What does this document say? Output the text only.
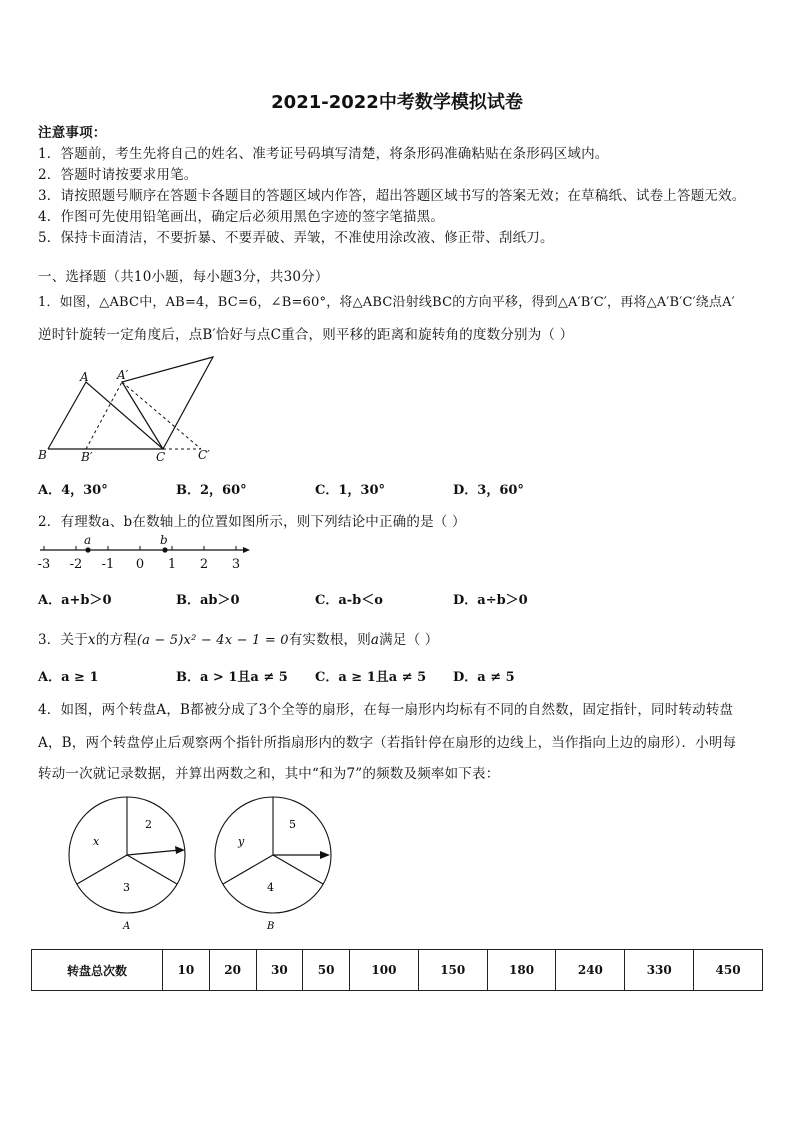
2021-2022中考数学模拟试卷
注意事项：
1．答题前，考生先将自己的姓名、准考证号码填写清楚，将条形码准确粘贴在条形码区域内。
2．答题时请按要求用笔。
3．请按照题号顺序在答题卡各题目的答题区域内作答，超出答题区域书写的答案无效；在草稿纸、试卷上答题无效。
4．作图可先使用铅笔画出，确定后必须用黑色字迹的签字笔描黑。
5．保持卡面清洁，不要折暴、不要弄破、弄皱，不准使用涂改液、修正带、刮纸刀。
一、选择题（共10小题，每小题3分，共30分）
1．如图，△ABC中，AB=4，BC=6，∠B=60°，将△ABC沿射线BC的方向平移，得到△A′B′C′，再将△A′B′C′绕点A′
逆时针旋转一定角度后，点B′恰好与点C重合，则平移的距离和旋转角的度数分别为（ ）
A A′
B	B′	C	C′
A．4，30°	B．2，60°	C．1，30°	D．3，60°
2．有理数a、b在数轴上的位置如图所示，则下列结论中正确的是（ ）
a	b
-3 -2 -1 0 1 2 3
A．a+b＞0	B．ab＞0	C．a-b＜o	D．a÷b＞0
3．关于x的方程(a − 5)x² − 4x − 1 = 0有实数根，则a满足（ ）
A．a ≥ 1	B．a > 1且a ≠ 5 C．a ≥ 1且a ≠ 5 D．a ≠ 5
4．如图，两个转盘A，B都被分成了3个全等的扇形，在每一扇形内均标有不同的自然数，固定指针，同时转动转盘
A，B，两个转盘停止后观察两个指针所指扇形内的数字（若指针停在扇形的边线上，当作指向上边的扇形）．小明每
转动一次就记录数据，并算出两数之和，其中“和为7”的频数及频率如下表：
2
x
3
A
5
y
4
B
转盘总次数	10	20	30	50	100	150	180	240	330	450
